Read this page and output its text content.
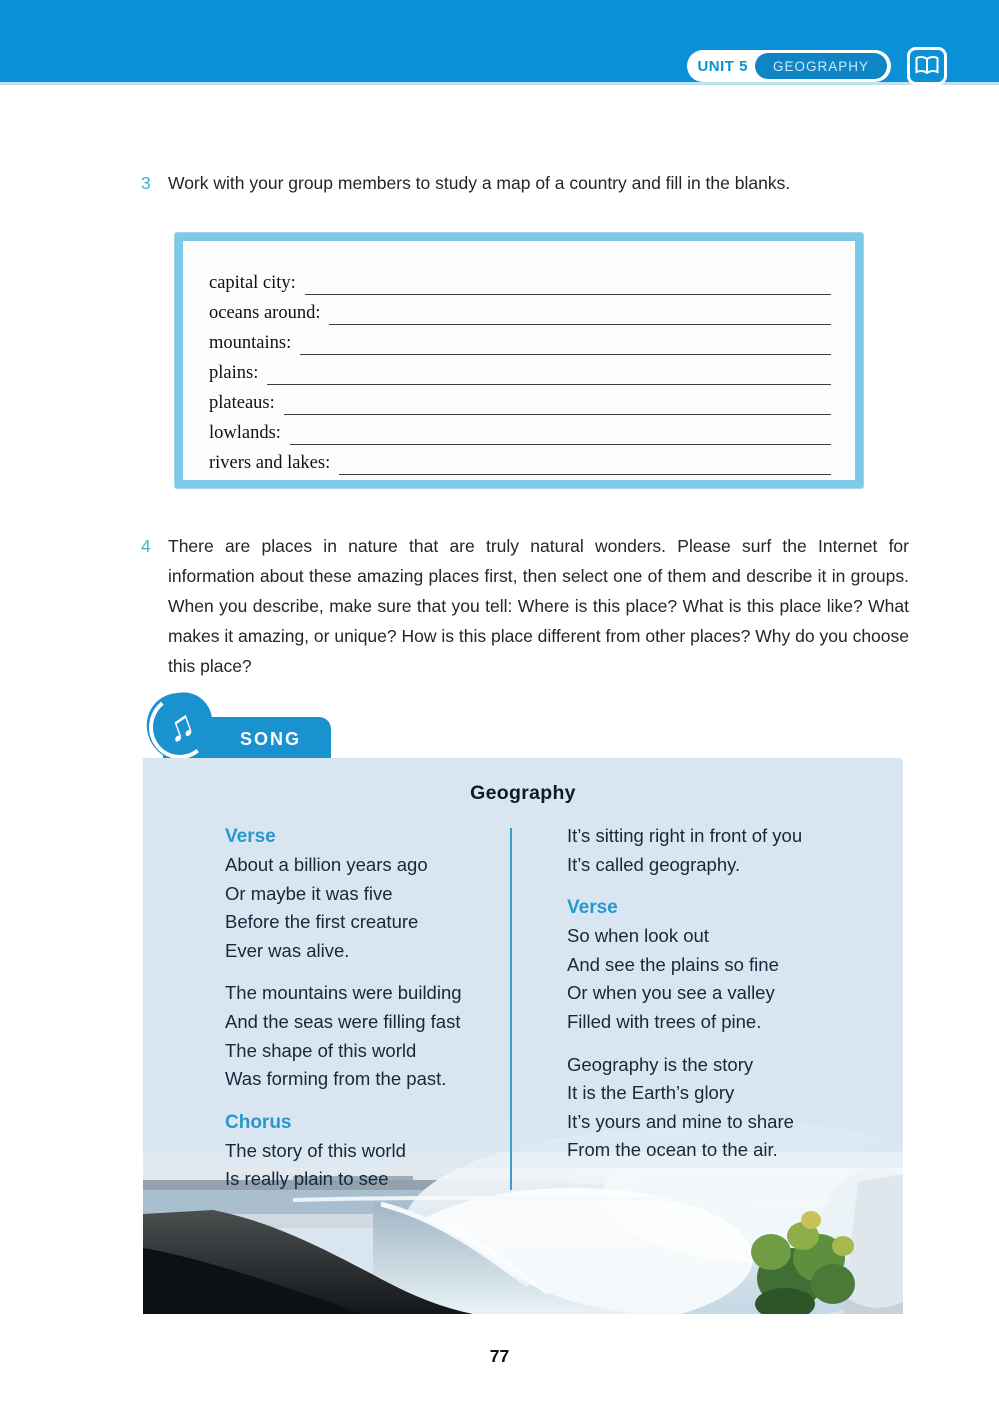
UNIT 5 GEOGRAPHY
3 Work with your group members to study a map of a country and fill in the blanks.

capital city:
oceans around:
mountains:
plains:
plateaus:
lowlands:
rivers and lakes:
4 There are places in nature that are truly natural wonders. Please surf the Internet for information about these amazing places first, then select one of them and describe it in groups. When you describe, make sure that you tell: Where is this place? What is this place like? What makes it amazing, or unique? How is this place different from other places? Why do you choose this place?

♫ SONG
Geography
Verse
About a billion years ago
Or maybe it was five
Before the first creature
Ever was alive.
The mountains were building
And the seas were filling fast
The shape of this world
Was forming from the past.
Chorus
The story of this world
Is really plain to see
It’s sitting right in front of you
It’s called geography.
Verse
So when look out
And see the plains so fine
Or when you see a valley
Filled with trees of pine.
Geography is the story
It is the Earth’s glory
It’s yours and mine to share
From the ocean to the air.
77
